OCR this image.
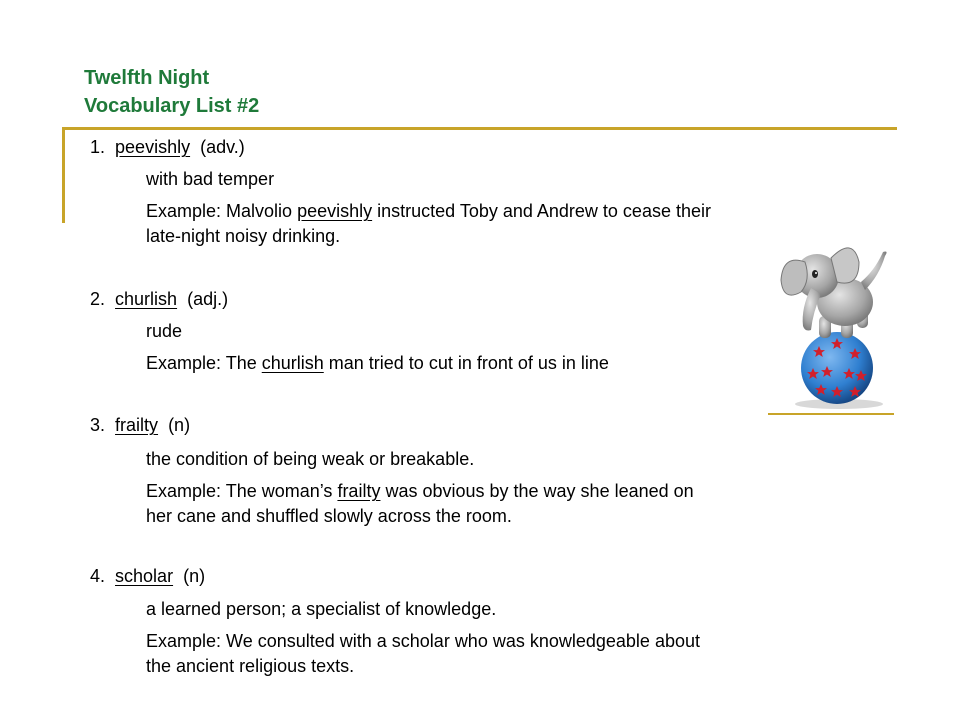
Twelfth Night
Vocabulary List #2
1. peevishly (adv.)
with bad temper
Example: Malvolio peevishly instructed Toby and Andrew to cease their
late-night noisy drinking.
2. churlish (adj.)
rude
Example: The churlish man tried to cut in front of us in line
3. frailty (n)
the condition of being weak or breakable.
Example: The woman’s frailty was obvious by the way she leaned on
her cane and shuffled slowly across the room.
4. scholar (n)
a learned person; a specialist of knowledge.
Example: We consulted with a scholar who was knowledgeable about
the ancient religious texts.
